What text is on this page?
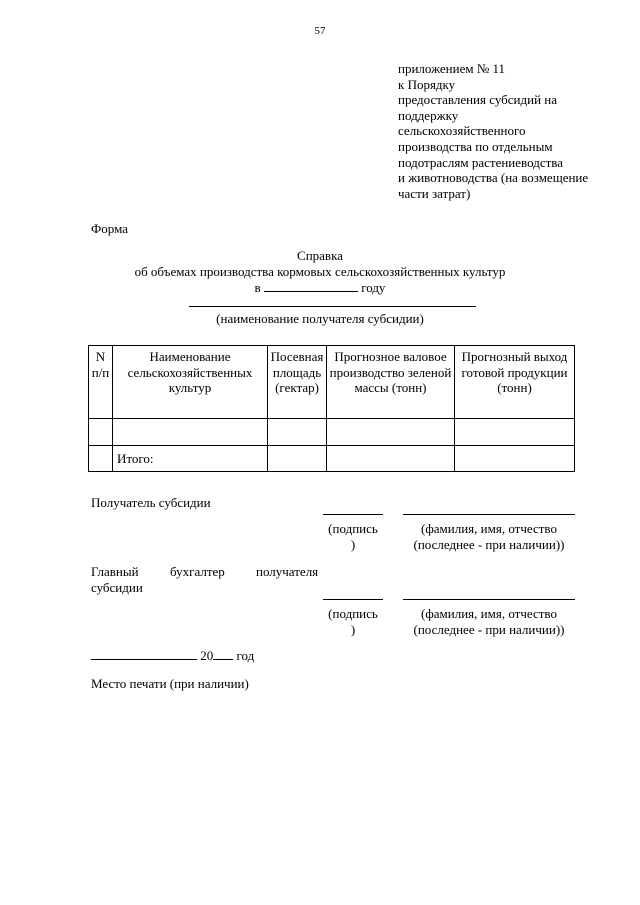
57
приложением № 11
к Порядку
предоставления субсидий на
поддержку
сельскохозяйственного
производства по отдельным
подотраслям растениеводства
и животноводства (на возмещение
части затрат)
Форма
Справка
об объемах производства кормовых сельскохозяйственных культур
в	году
(наименование получателя субсидии)
N п/п	Наименование сельскохозяйственных культур	Посевная площадь (гектар)	Прогнозное валовое производство зеленой массы (тонн)	Прогнозный выход готовой продукции (тонн)

	Итого:			
Получатель субсидии
(подпись
)
(фамилия, имя, отчество
(последнее - при наличии))
Главный бухгалтер получателя
субсидии
(подпись
)
(фамилия, имя, отчество
(последнее - при наличии))
20 год
Место печати (при наличии)
